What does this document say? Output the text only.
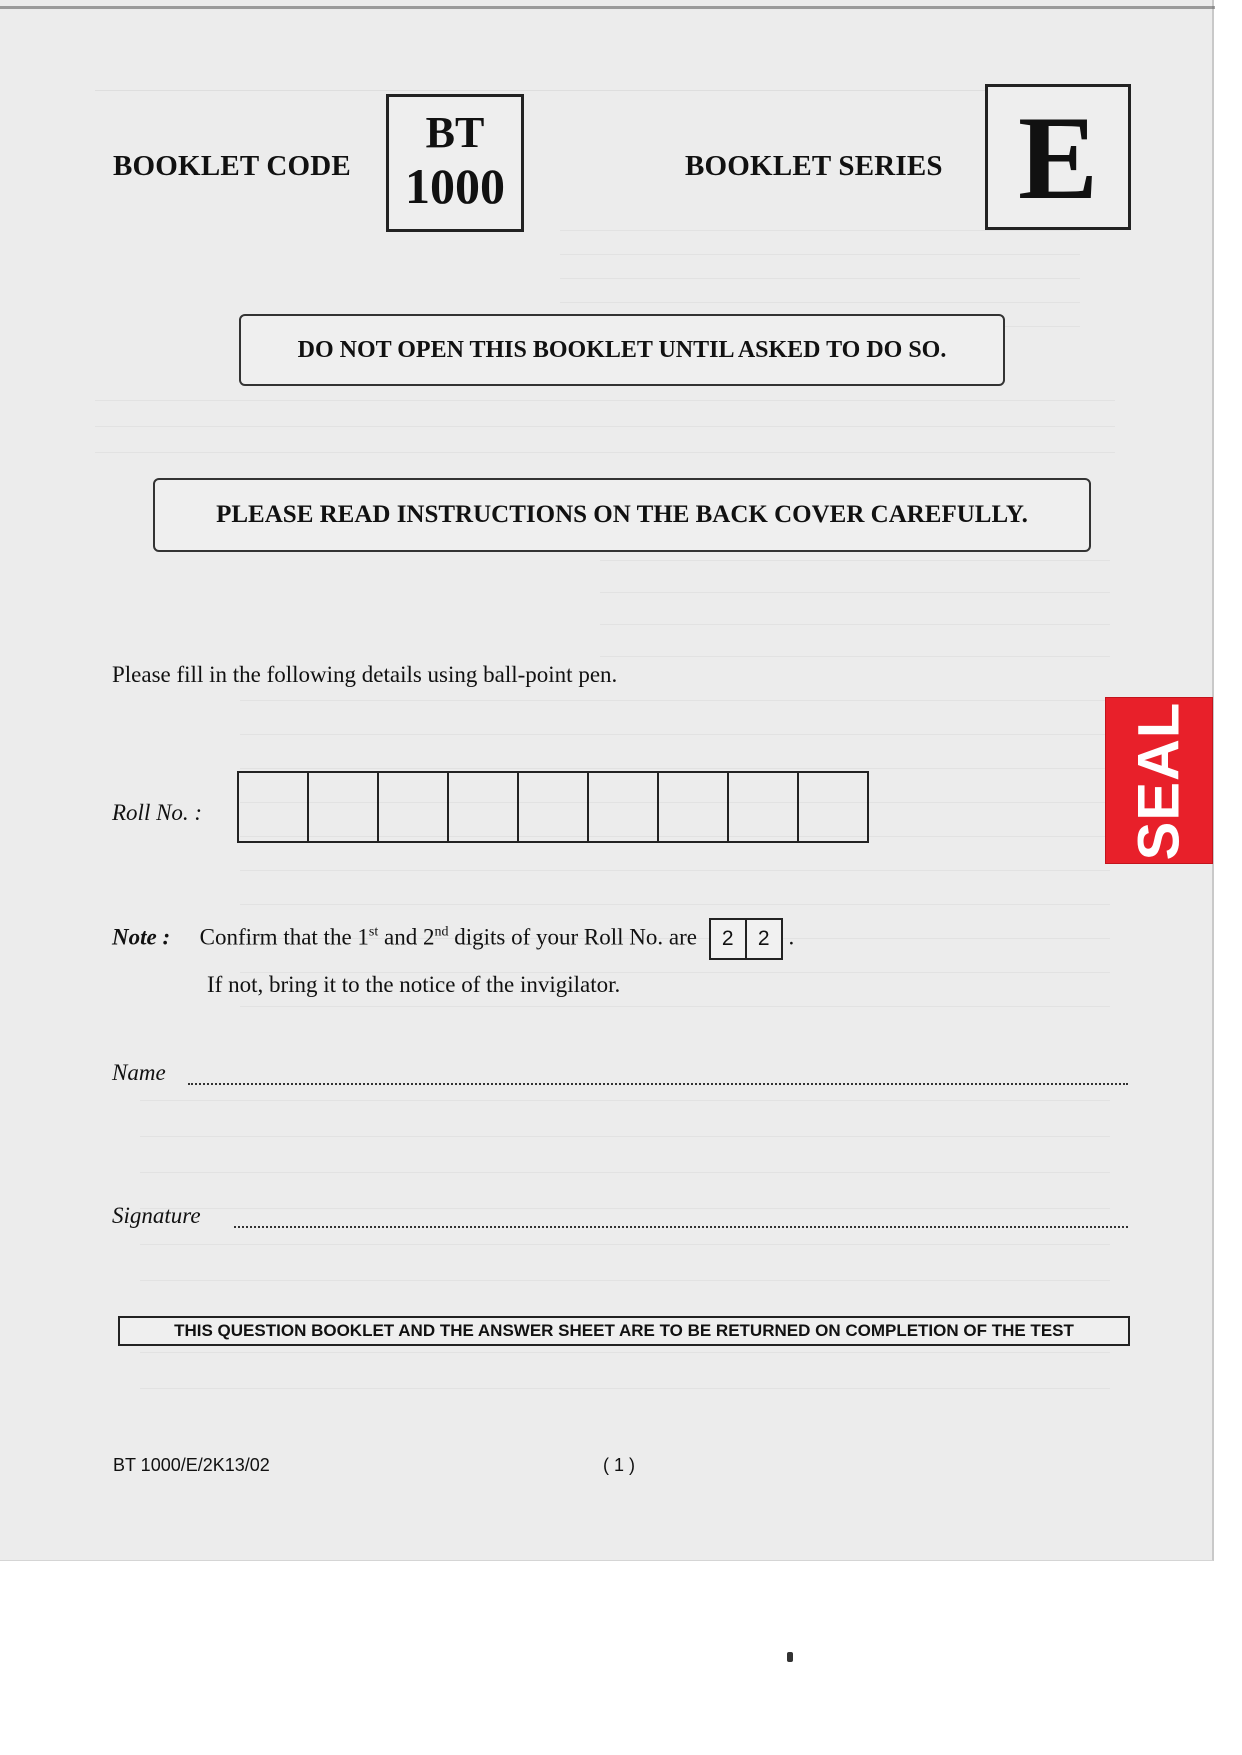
BOOKLET CODE
BT
1000	BOOKLET SERIES E
DO NOT OPEN THIS BOOKLET UNTIL ASKED TO DO SO.
PLEASE READ INSTRUCTIONS ON THE BACK COVER CAREFULLY.
Please fill in the following details using ball-point pen.
Roll No. :
Note : Confirm that the 1st and 2nd digits of your Roll No. are 2 2 .
If not, bring it to the notice of the invigilator.
Name
Signature
THIS QUESTION BOOKLET AND THE ANSWER SHEET ARE TO BE RETURNED ON COMPLETION OF THE TEST
BT 1000/E/2K13/02	( 1 )
SEAL
